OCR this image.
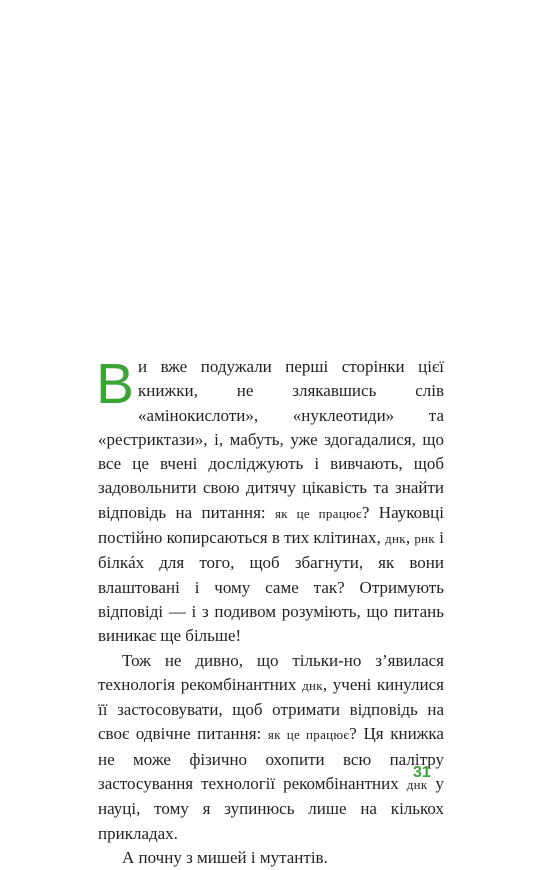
Ви вже подужали перші сторінки цієї книжки, не злякавшись слів «амінокислоти», «нуклеотиди» та «рестриктази», і, мабуть, уже здогадалися, що все це вчені досліджують і вивчають, щоб задовольнити свою дитячу цікавість та знайти відповідь на питання: як це працює? Науковці постійно копирсаються в тих клітинах, днк, рнк і білкáх для того, щоб збагнути, як вони влаштовані і чому саме так? Отримують відповіді — і з подивом розуміють, що питань виникає ще більше!

Тож не дивно, що тільки-но з’явилася технологія рекомбінантних днк, учені кинулися її застосовувати, щоб отримати відповідь на своє одвічне питання: як це працює? Ця книжка не може фізично охопити всю палітру застосування технології рекомбінантних днк у науці, тому я зупинюсь лише на кількох прикладах.

А почну з мишей і мутантів.

31
